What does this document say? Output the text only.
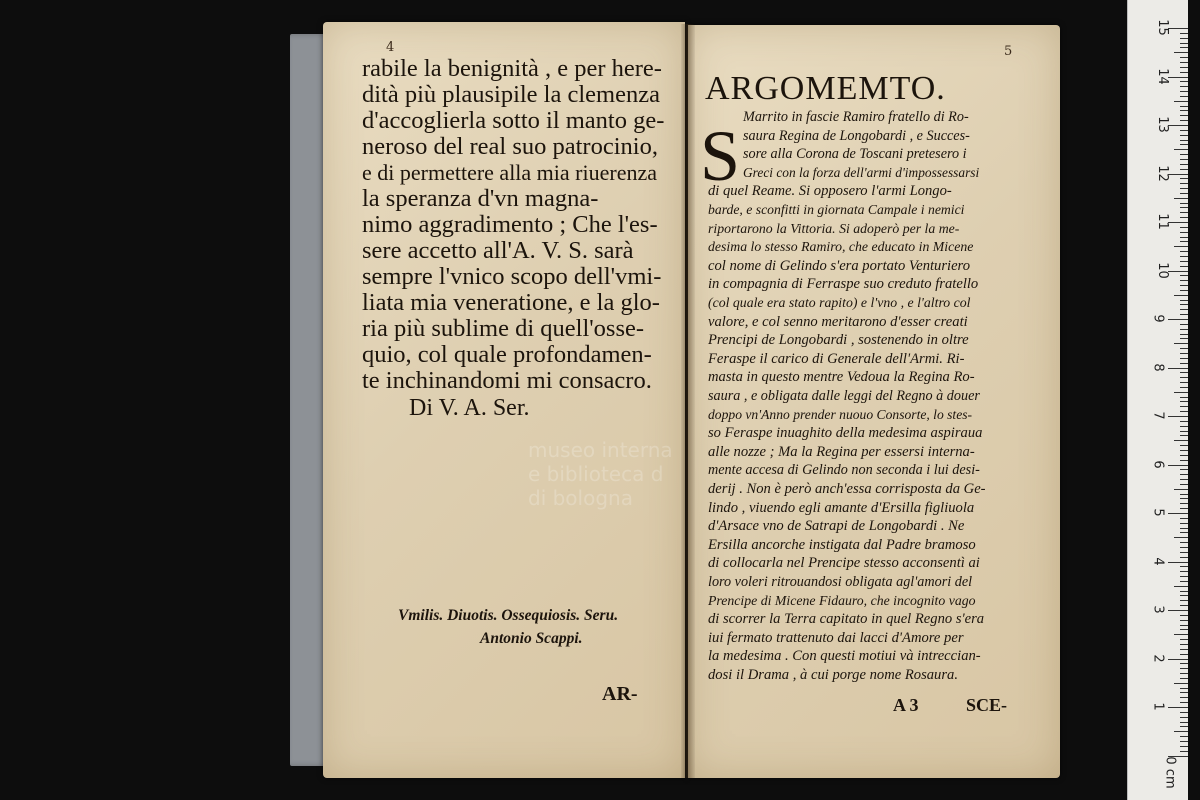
4
rabile la benignità , e per here-
dità più plausipile la clemenza
d'accoglierla sotto il manto ge-
neroso del real suo patrocinio,
e di permettere alla mia riuerenza
la speranza d'vn magna-
nimo aggradimento ; Che l'es-
sere accetto all'A. V. S. sarà
sempre l'vnico scopo dell'vmi-
liata mia veneratione, e la glo-
ria più sublime di quell'osse-
quio, col quale profondamen-
te inchinandomi mi consacro.
Di V. A. Ser.
museo interna
e biblioteca d
di bologna
Vmilis. Diuotis. Ossequiosis. Seru.
Antonio Scappi.
AR-
5
ARGOMEMTO.
S Marrito in fascie Ramiro fratello di Ro-
saura Regina de Longobardi , e Succes-
sore alla Corona de Toscani pretesero i
Greci con la forza dell'armi d'impossessarsi
di quel Reame. Si opposero l'armi Longo-
barde, e sconfitti in giornata Campale i nemici
riportarono la Vittoria. Si adoperò per la me-
desima lo stesso Ramiro, che educato in Micene
col nome di Gelindo s'era portato Venturiero
in compagnia di Ferraspe suo creduto fratello
(col quale era stato rapito) e l'vno , e l'altro col
valore, e col senno meritarono d'esser creati
Prencipi de Longobardi , sostenendo in oltre
Feraspe il carico di Generale dell'Armi. Ri-
masta in questo mentre Vedoua la Regina Ro-
saura , e obligata dalle leggi del Regno à douer
doppo vn'Anno prender nuouo Consorte, lo stes-
so Feraspe inuaghito della medesima aspiraua
alle nozze ; Ma la Regina per essersi interna-
mente accesa di Gelindo non seconda i lui desi-
derij . Non è però anch'essa corrisposta da Ge-
lindo , viuendo egli amante d'Ersilla figliuola
d'Arsace vno de Satrapi de Longobardi . Ne
Ersilla ancorche instigata dal Padre bramoso
di collocarla nel Prencipe stesso acconsentì ai
loro voleri ritrouandosi obligata agl'amori del
Prencipe di Micene Fidauro, che incognito vago
di scorrer la Terra capitato in quel Regno s'era
iui fermato trattenuto dai lacci d'Amore per
la medesima . Con questi motiui và intreccian-
dosi il Drama , à cui porge nome Rosaura.
15
14
13
12
11
10
9
8
7
6
5
4
3
2
1
0 cm
A 3	SCE-
